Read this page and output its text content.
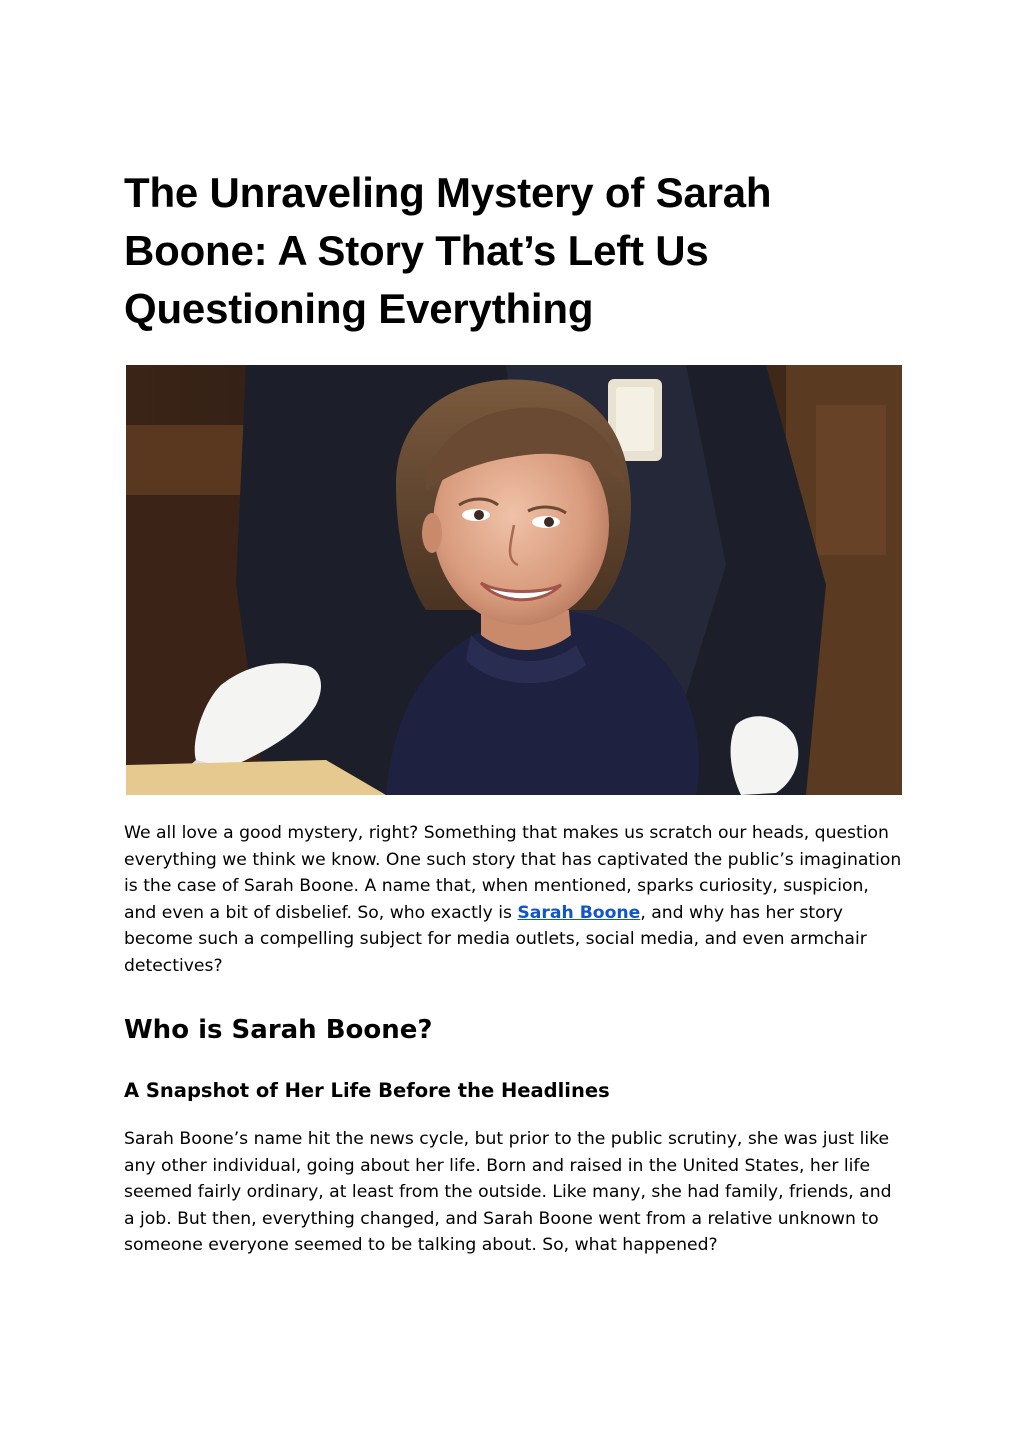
The Unraveling Mystery of Sarah Boone: A Story That’s Left Us Questioning Everything

We all love a good mystery, right? Something that makes us scratch our heads, question everything we think we know. One such story that has captivated the public’s imagination is the case of Sarah Boone. A name that, when mentioned, sparks curiosity, suspicion, and even a bit of disbelief. So, who exactly is Sarah Boone, and why has her story become such a compelling subject for media outlets, social media, and even armchair detectives?

Who is Sarah Boone?
A Snapshot of Her Life Before the Headlines

Sarah Boone’s name hit the news cycle, but prior to the public scrutiny, she was just like any other individual, going about her life. Born and raised in the United States, her life seemed fairly ordinary, at least from the outside. Like many, she had family, friends, and a job. But then, everything changed, and Sarah Boone went from a relative unknown to someone everyone seemed to be talking about. So, what happened?
